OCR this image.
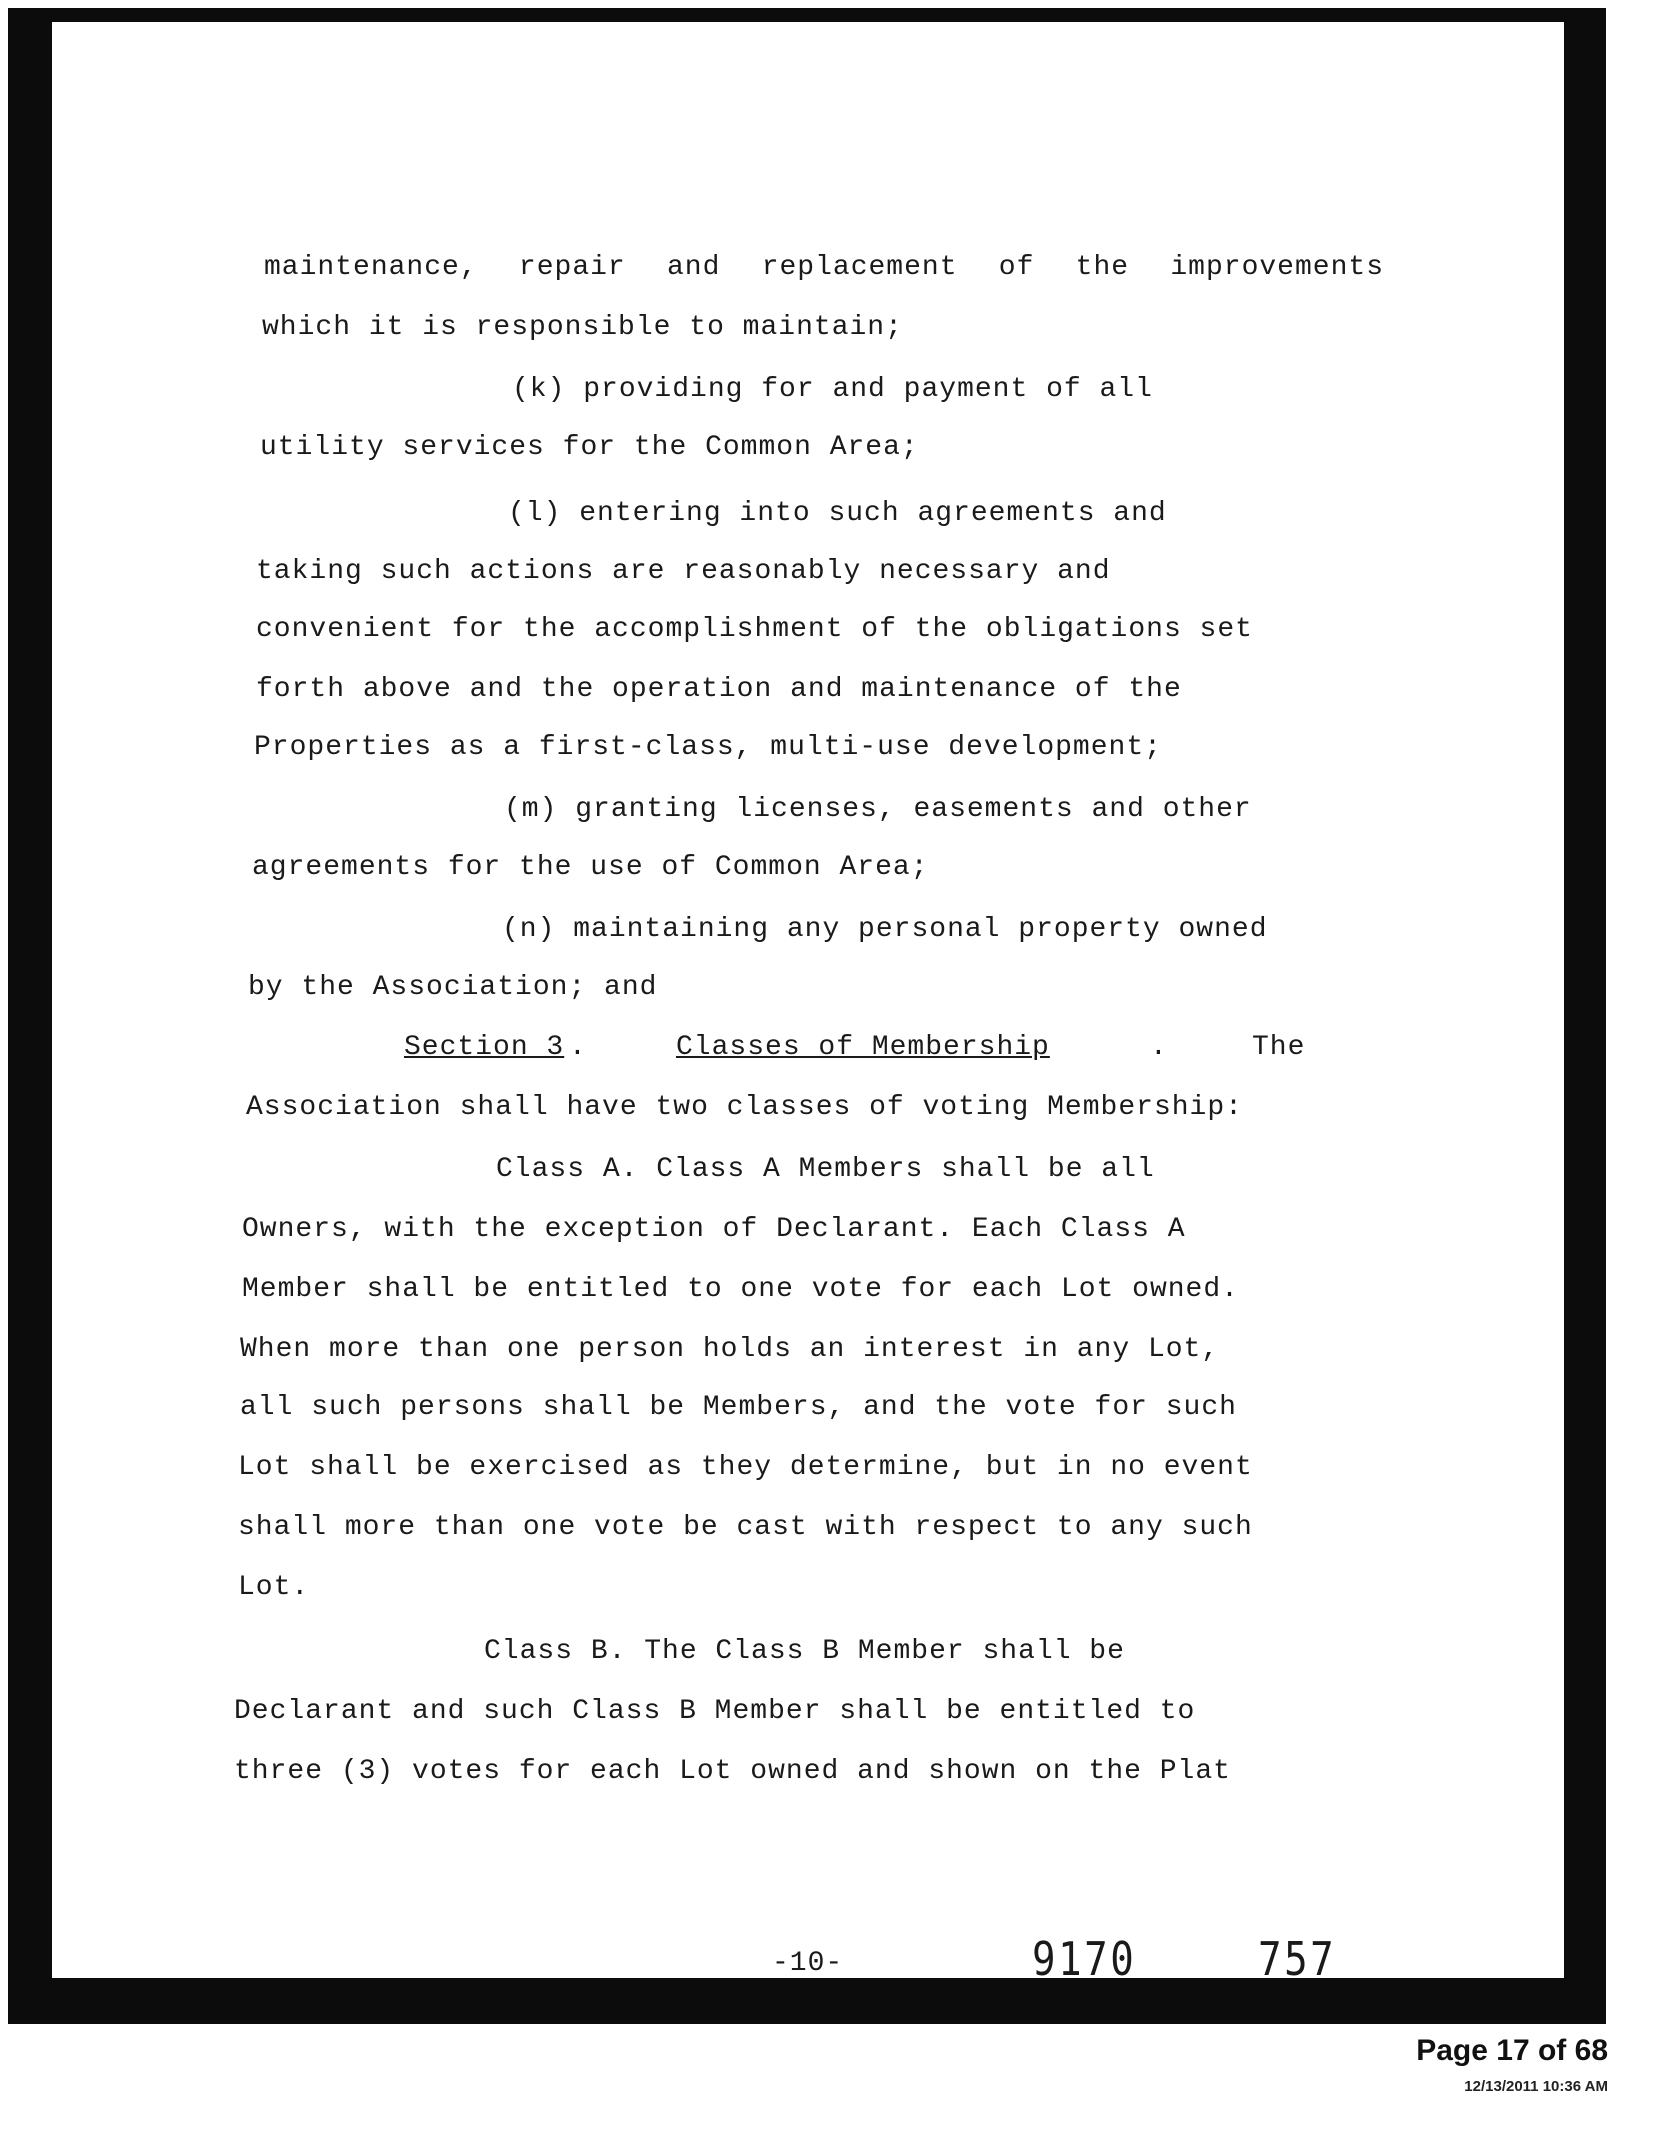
maintenance, repair and replacement of the improvements
which it is responsible to maintain;
(k) providing for and payment of all
utility services for the Common Area;
(l) entering into such agreements and
taking such actions are reasonably necessary and
convenient for the accomplishment of the obligations set
forth above and the operation and maintenance of the
Properties as a first-class, multi-use development;
(m) granting licenses, easements and other
agreements for the use of Common Area;
(n) maintaining any personal property owned
by the Association; and
Section 3 .	Classes of Membership	.	The
Association shall have two classes of voting Membership:
Class A. Class A Members shall be all
Owners, with the exception of Declarant. Each Class A
Member shall be entitled to one vote for each Lot owned.
When more than one person holds an interest in any Lot,
all such persons shall be Members, and the vote for such
Lot shall be exercised as they determine, but in no event
shall more than one vote be cast with respect to any such
Lot.
Class B. The Class B Member shall be
Declarant and such Class B Member shall be entitled to
three (3) votes for each Lot owned and shown on the Plat
-10-	9170	757
Page 17 of 68
12/13/2011 10:36 AM
